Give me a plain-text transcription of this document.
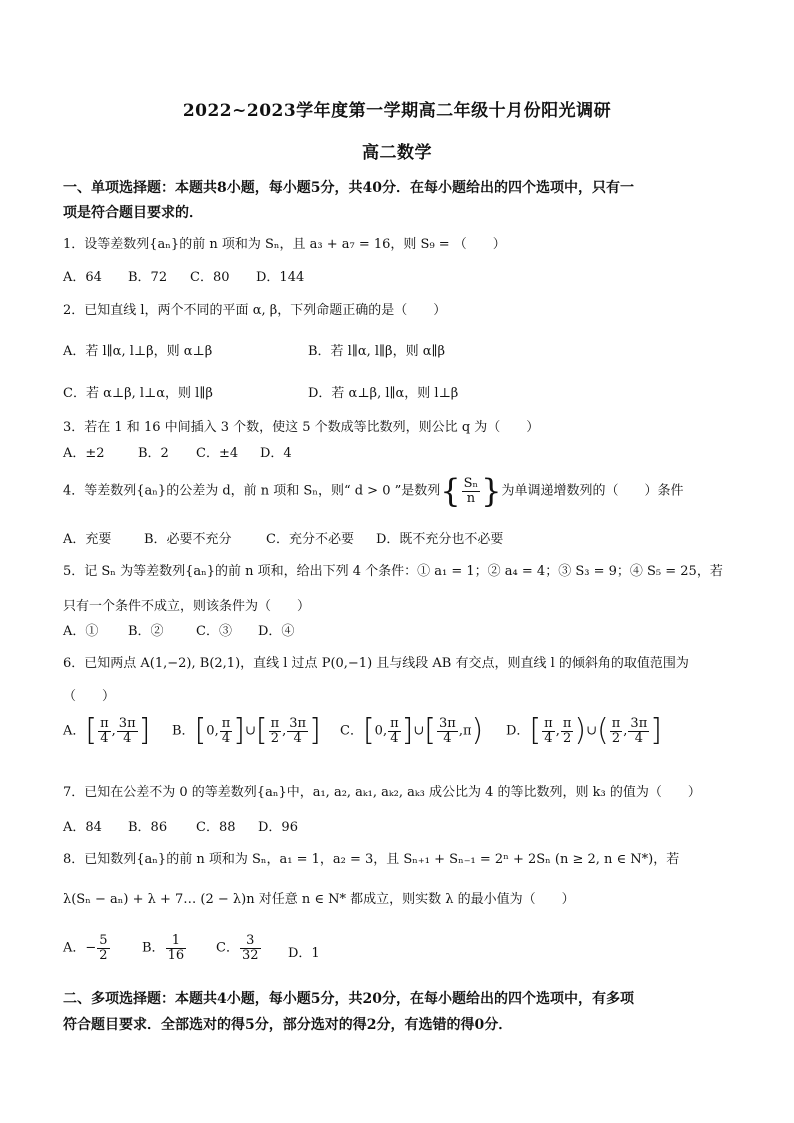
2022~2023学年度第一学期高二年级十月份阳光调研
高二数学
一、单项选择题：本题共8小题，每小题5分，共40分．在每小题给出的四个选项中，只有一
项是符合题目要求的．
1．设等差数列{aₙ}的前 n 项和为 Sₙ，且 a₃ + a₇ = 16，则 S₉ = （　　）
A．64 B．72 C．80 D．144
2．已知直线 l，两个不同的平面 α, β，下列命题正确的是（　　）
A．若 l∥α, l⊥β，则 α⊥β	B．若 l∥α, l∥β，则 α∥β
C．若 α⊥β, l⊥α，则 l∥β	D．若 α⊥β, l∥α，则 l⊥β
3．若在 1 和 16 中间插入 3 个数，使这 5 个数成等比数列，则公比 q 为（　　）
A．±2	B．2 C．±4 D．4
4．等差数列{aₙ}的公差为 d，前 n 项和 Sₙ，则“ d > 0 ”是数列{ $\frac{\text{Sₙ}}{n}$ }为单调递增数列的（　　）条件
A．充要	B．必要不充分	C．充分不必要 D．既不充分也不必要
5．记 Sₙ 为等差数列{aₙ}的前 n 项和，给出下列 4 个条件：① a₁ = 1；② a₄ = 4；③ S₃ = 9；④ S₅ = 25，若
只有一个条件不成立，则该条件为（　　）
A．① B．② C．③ D．④
6．已知两点 A(1,−2), B(2,1)，直线 l 过点 P(0,−1) 且与线段 AB 有交点，则直线 l 的倾斜角的取值范围为
（　　）
A．[ $\frac{\pi}{4}$ , $\frac{3\pi}{4}$ ] B．[0, $\frac{\pi}{4}$ ]∪[ $\frac{\pi}{2}$ , $\frac{3\pi}{4}$ ] C．[0, $\frac{\pi}{4}$ ]∪[ $\frac{3\pi}{4} ,\pi$) D．[ $\frac{\pi}{4}$ , $\frac{\pi}{2}$ )∪( $\frac{\pi}{2}$ , $\frac{3\pi}{4}$ ]
7．已知在公差不为 0 的等差数列{aₙ}中，a₁, a₂, aₖ₁, aₖ₂, aₖ₃ 成公比为 4 的等比数列，则 k₃ 的值为（　　）
A．84 B．86 C．88 D．96
8．已知数列{aₙ}的前 n 项和为 Sₙ，a₁ = 1，a₂ = 3，且 Sₙ₊₁ + Sₙ₋₁ = 2ⁿ + 2Sₙ (n ≥ 2, n ∈ N*)，若
λ(Sₙ − aₙ) + λ + 7… (2 − λ)n 对任意 n ∈ N* 都成立，则实数 λ 的最小值为（　　）
A．− $\frac{5}{2}$ B． $\frac{1}{16}$ C． $\frac{3}{32}$ D．1
二、多项选择题：本题共4小题，每小题5分，共20分，在每小题给出的四个选项中，有多项
符合题目要求．全部选对的得5分，部分选对的得2分，有选错的得0分．
